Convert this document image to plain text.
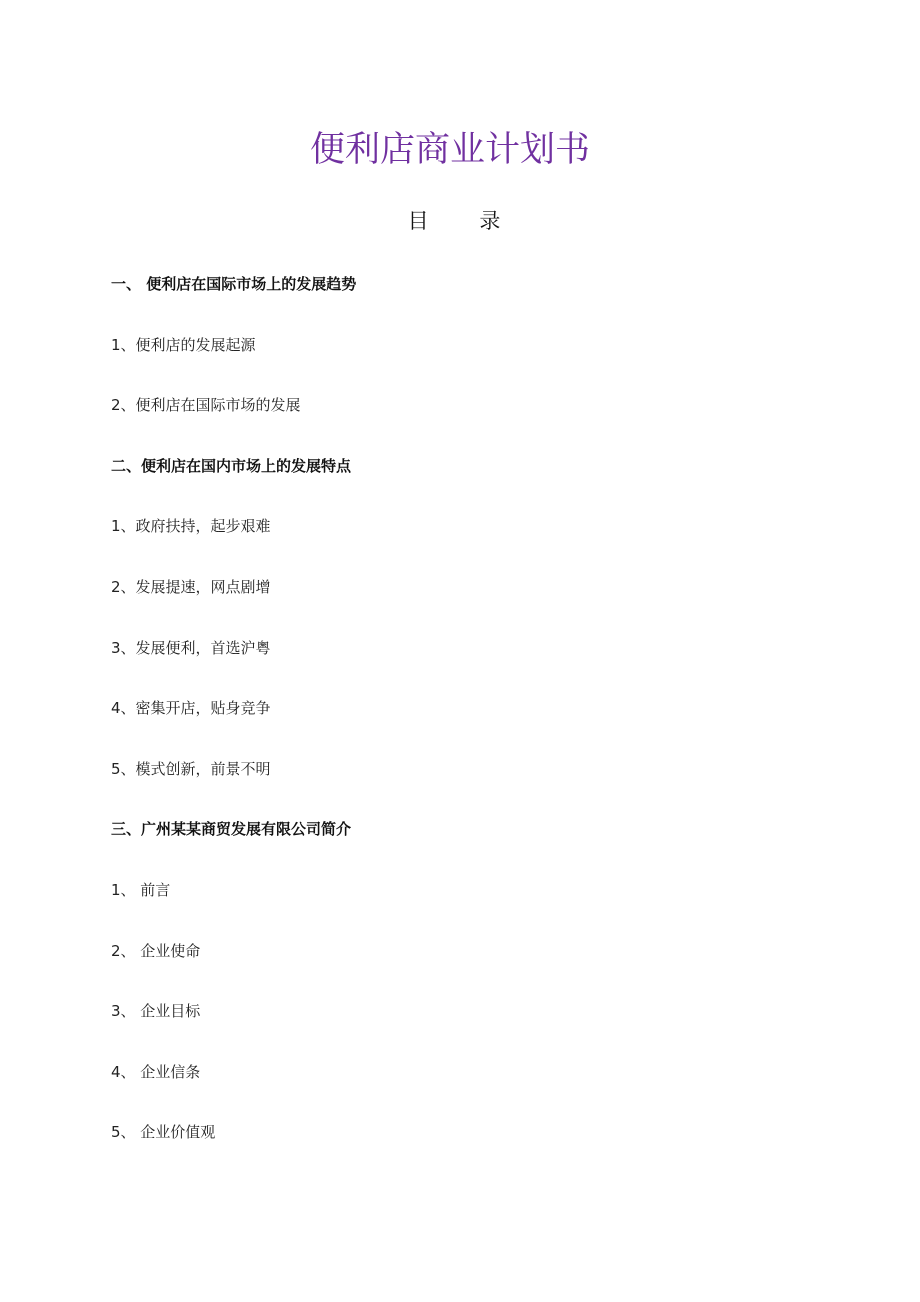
便利店商业计划书
目 录
一、 便利店在国际市场上的发展趋势
1、便利店的发展起源
2、便利店在国际市场的发展
二、便利店在国内市场上的发展特点
1、政府扶持，起步艰难
2、发展提速，网点剧增
3、发展便利，首选沪粤
4、密集开店，贴身竞争
5、模式创新，前景不明
三、广州某某商贸发展有限公司简介
1、 前言
2、 企业使命
3、 企业目标
4、 企业信条
5、 企业价值观
